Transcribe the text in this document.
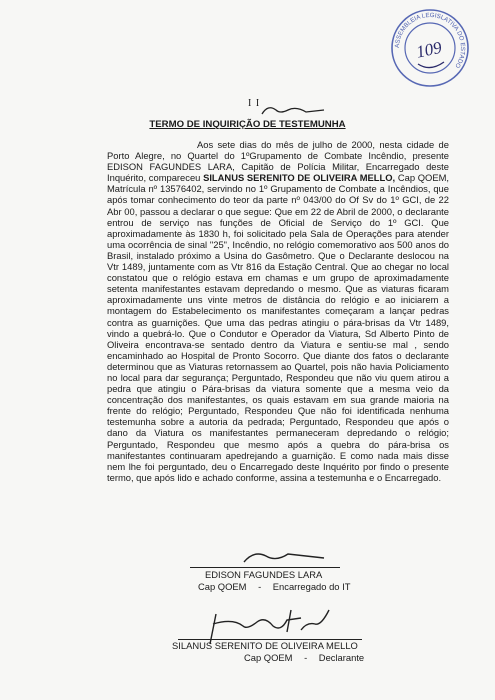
ASSEMBLEIA LEGISLATIVA DO ESTADO
109
I I
TERMO DE INQUIRIÇÃO DE TESTEMUNHA

Aos sete dias do mês de julho de 2000, nesta cidade de Porto Alegre, no Quartel do 1ºGrupamento de Combate Incêndio, presente EDISON FAGUNDES LARA, Capitão de Polícia Militar, Encarregado deste Inquérito, compareceu SILANUS SERENITO DE OLIVEIRA MELLO, Cap QOEM, Matrícula nº 13576402, servindo no 1º Grupamento de Combate a Incêndios, que após tomar conhecimento do teor da parte nº 043/00 do Of Sv do 1º GCI, de 22 Abr 00, passou a declarar o que segue: Que em 22 de Abril de 2000, o declarante entrou de serviço nas funções de Oficial de Serviço do 1º GCI. Que aproximadamente às 1830 h, foi solicitado pela Sala de Operações para atender uma ocorrência de sinal "25", Incêndio, no relógio comemorativo aos 500 anos do Brasil, instalado próximo a Usina do Gasômetro. Que o Declarante deslocou na Vtr 1489, juntamente com as Vtr 816 da Estação Central. Que ao chegar no local constatou que o relógio estava em chamas e um grupo de aproximadamente setenta manifestantes estavam depredando o mesmo. Que as viaturas ficaram aproximadamente uns vinte metros de distância do relógio e ao iniciarem a montagem do Estabelecimento os manifestantes começaram a lançar pedras contra as guarnições. Que uma das pedras atingiu o pára-brisas da Vtr 1489, vindo a quebrá-lo. Que o Condutor e Operador da Viatura, Sd Alberto Pinto de Oliveira encontrava-se sentado dentro da Viatura e sentiu-se mal , sendo encaminhado ao Hospital de Pronto Socorro. Que diante dos fatos o declarante determinou que as Viaturas retornassem ao Quartel, pois não havia Policiamento no local para dar segurança; Perguntado, Respondeu que não viu quem atirou a pedra que atingiu o Pára-brisas da viatura somente que a mesma veio da concentração dos manifestantes, os quais estavam em sua grande maioria na frente do relógio; Perguntado, Respondeu Que não foi identificada nenhuma testemunha sobre a autoria da pedrada; Perguntado, Respondeu que após o dano da Viatura os manifestantes permaneceram depredando o relógio; Perguntado, Respondeu que mesmo após a quebra do pára-brisa os manifestantes continuaram apedrejando a guarnição. E como nada mais disse nem lhe foi perguntado, deu o Encarregado deste Inquérito por findo o presente termo, que após lido e achado conforme, assina a testemunha e o Encarregado.

EDISON FAGUNDES LARA
Cap QOEM - Encarregado do IT
SILANUS SERENITO DE OLIVEIRA MELLO
Cap QOEM - Declarante
